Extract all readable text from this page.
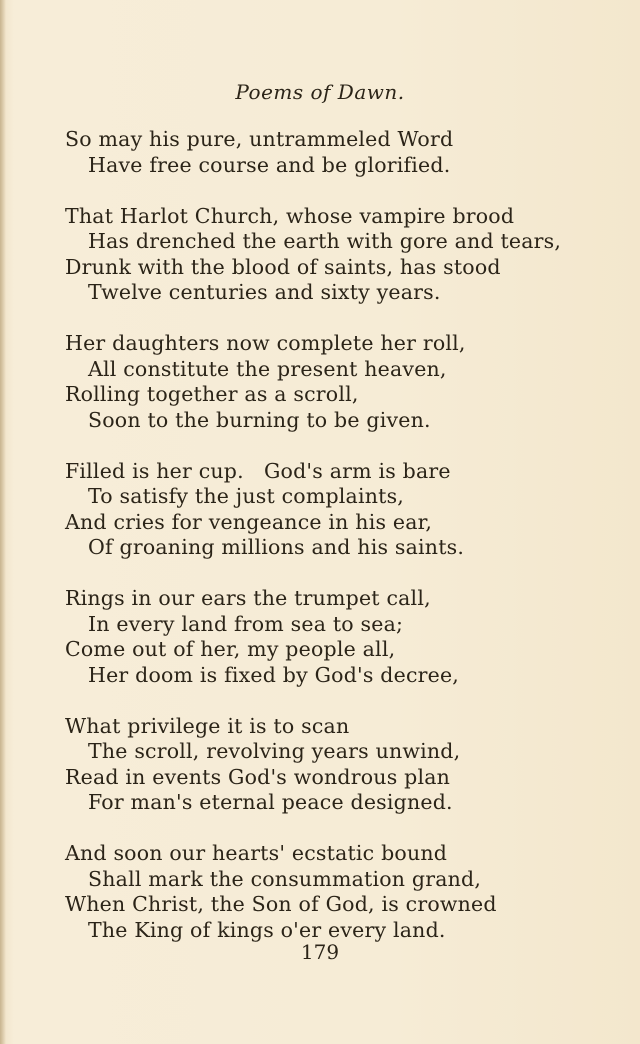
Poems of Dawn.
So may his pure, untrammeled Word
Have free course and be glorified.
That Harlot Church, whose vampire brood
Has drenched the earth with gore and tears,
Drunk with the blood of saints, has stood
Twelve centuries and sixty years.
Her daughters now complete her roll,
All constitute the present heaven,
Rolling together as a scroll,
Soon to the burning to be given.
Filled is her cup.   God's arm is bare
To satisfy the just complaints,
And cries for vengeance in his ear,
Of groaning millions and his saints.
Rings in our ears the trumpet call,
In every land from sea to sea;
Come out of her, my people all,
Her doom is fixed by God's decree,
What privilege it is to scan
The scroll, revolving years unwind,
Read in events God's wondrous plan
For man's eternal peace designed.
And soon our hearts' ecstatic bound
Shall mark the consummation grand,
When Christ, the Son of God, is crowned
The King of kings o'er every land.
179
